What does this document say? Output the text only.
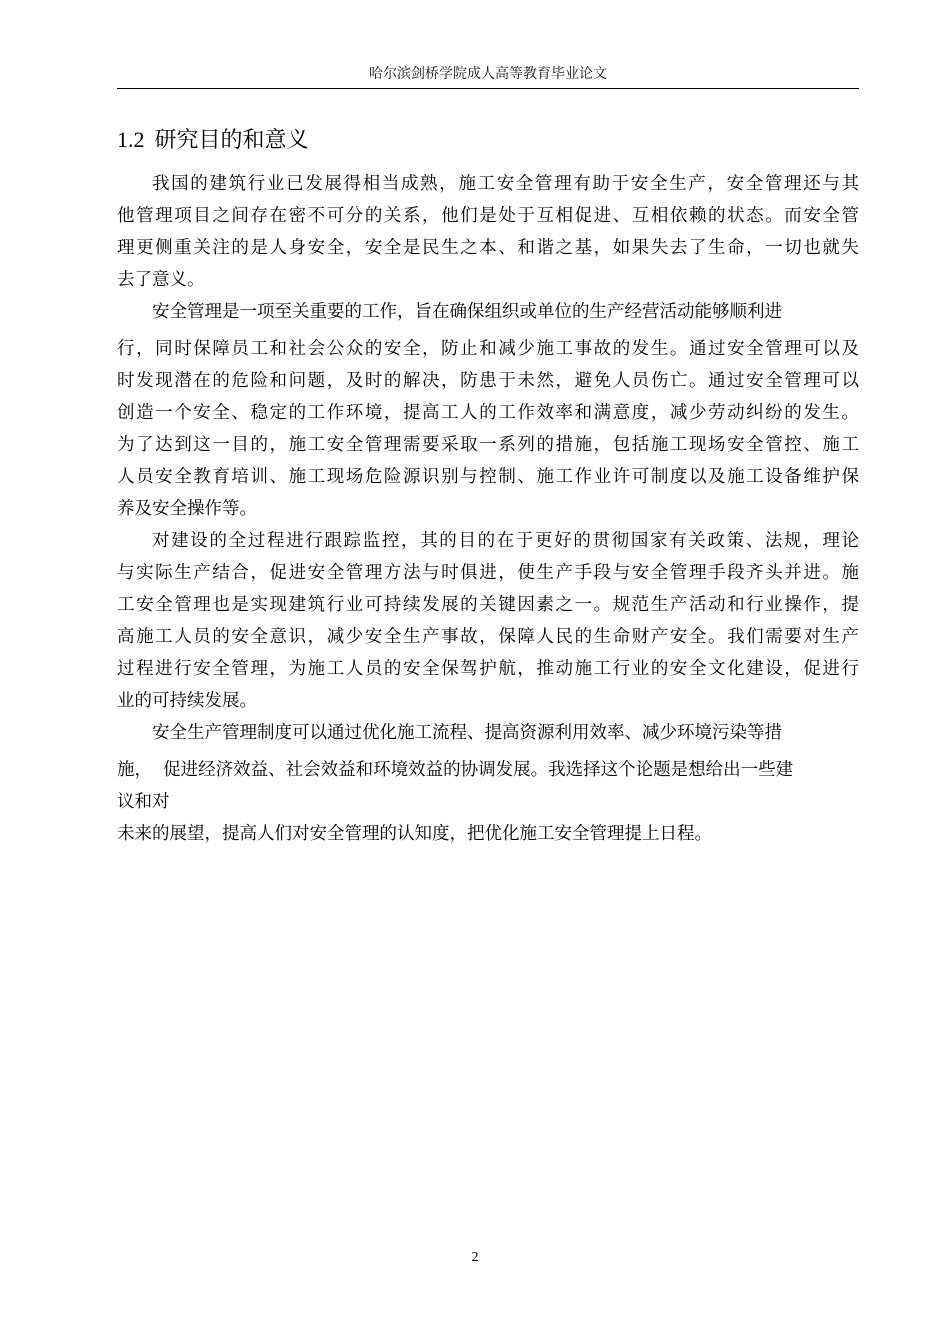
哈尔滨剑桥学院成人高等教育毕业论文
1.2 研究目的和意义
我国的建筑行业已发展得相当成熟，施工安全管理有助于安全生产，安全管理还与其
他管理项目之间存在密不可分的关系，他们是处于互相促进、互相依赖的状态。而安全管
理更侧重关注的是人身安全，安全是民生之本、和谐之基，如果失去了生命，一切也就失
去了意义。
安全管理是一项至关重要的工作，旨在确保组织或单位的生产经营活动能够顺利进
行，同时保障员工和社会公众的安全，防止和减少施工事故的发生。通过安全管理可以及
时发现潜在的危险和问题，及时的解决，防患于未然，避免人员伤亡。通过安全管理可以
创造一个安全、稳定的工作环境，提高工人的工作效率和满意度，减少劳动纠纷的发生。
为了达到这一目的，施工安全管理需要采取一系列的措施，包括施工现场安全管控、施工
人员安全教育培训、施工现场危险源识别与控制、施工作业许可制度以及施工设备维护保
养及安全操作等。
对建设的全过程进行跟踪监控，其的目的在于更好的贯彻国家有关政策、法规，理论
与实际生产结合，促进安全管理方法与时俱进，使生产手段与安全管理手段齐头并进。施
工安全管理也是实现建筑行业可持续发展的关键因素之一。规范生产活动和行业操作，提
高施工人员的安全意识，减少安全生产事故，保障人民的生命财产安全。我们需要对生产
过程进行安全管理，为施工人员的安全保驾护航，推动施工行业的安全文化建设，促进行
业的可持续发展。
安全生产管理制度可以通过优化施工流程、提高资源利用效率、减少环境污染等措
施，  促进经济效益、社会效益和环境效益的协调发展。我选择这个论题是想给出一些建
议和对
未来的展望，提高人们对安全管理的认知度，把优化施工安全管理提上日程。
2
